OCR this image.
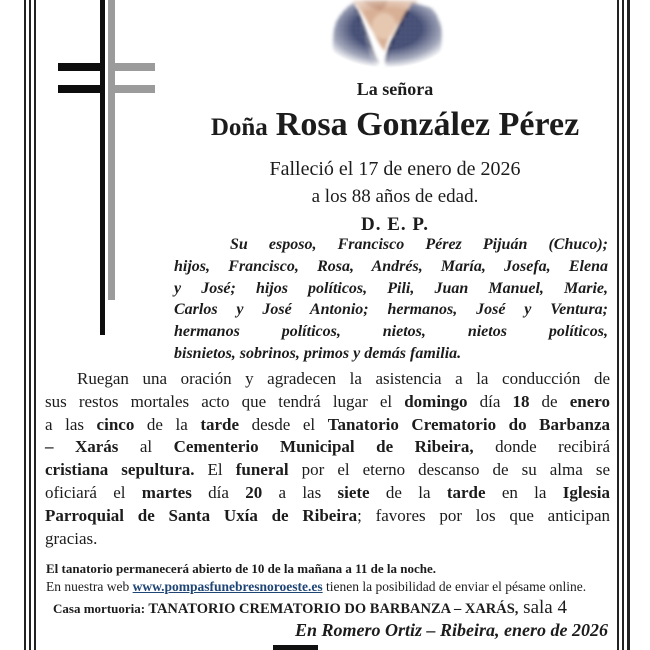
La señora
Doña Rosa González Pérez
Falleció el 17 de enero de 2026
a los 88 años de edad.
D. E. P.
Su esposo, Francisco Pérez Pijuán (Chuco);
hijos, Francisco, Rosa, Andrés, María, Josefa, Elena
y José; hijos políticos, Pili, Juan Manuel, Marie,
Carlos y José Antonio; hermanos, José y Ventura;
hermanos políticos, nietos, nietos políticos,
bisnietos, sobrinos, primos y demás familia.
Ruegan una oración y agradecen la asistencia a la conducción de
sus restos mortales acto que tendrá lugar el domingo día 18 de enero
a las cinco de la tarde desde el Tanatorio Crematorio do Barbanza
– Xarás al Cementerio Municipal de Ribeira, donde recibirá
cristiana sepultura. El funeral por el eterno descanso de su alma se
oficiará el martes día 20 a las siete de la tarde en la Iglesia
Parroquial de Santa Uxía de Ribeira; favores por los que anticipan
gracias.
El tanatorio permanecerá abierto de 10 de la mañana a 11 de la noche.
En nuestra web www.pompasfunebresnoroeste.es tienen la posibilidad de enviar el pésame online.
Casa mortuoria: TANATORIO CREMATORIO DO BARBANZA – XARÁS, sala 4
En Romero Ortiz – Ribeira, enero de 2026
